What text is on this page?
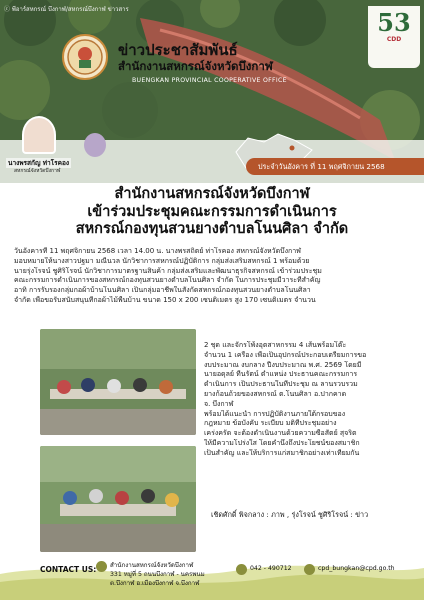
ⓒ พีอาร์สหกรณ์ บึงกาฬ/สหกรณ์บึงกาฬ ข่าวสาร	53
CDD
ข่าวประชาสัมพันธ์
สำนักงานสหกรณ์จังหวัดบึงกาฬ
BUENGKAN PROVINCIAL COOPERATIVE OFFICE
นางพรสกัญ ท่าโรคอง
สหกรณ์จังหวัดบึงกาฬ	ประจำวันอังคาร ที่ 11 พฤศจิกายน 2568
สำนักงานสหกรณ์จังหวัดบึงกาฬ
เข้าร่วมประชุมคณะกรรมการดำเนินการ
สหกรณ์กองทุนสวนยางตำบลโนนศิลา จำกัด
วันอังคารที่ 11 พฤศจิกายน 2568 เวลา 14.00 น. นางพรสถิตย์ ท่าโรคอง สหกรณ์จังหวัดบึงกาฬ
มอบหมายให้นางสาวปฐมา มณีนวล นักวิชาการสหกรณ์ปฏิบัติการ กลุ่มส่งเสริมสหกรณ์ 1 พร้อมด้วย
นายรุ่งโรจน์ ชูศิริโรจน์ นักวิชาการมาตรฐานสินค้า กลุ่มส่งเสริมและพัฒนาธุรกิจสหกรณ์ เข้าร่วมประชุม
คณะกรรมการดำเนินการของสหกรณ์กองทุนสวนยางตำบลโนนศิลา จำกัด ในการประชุมมีวาระที่สำคัญ
อาทิ การรับรองกลุ่มกอผ้าบ้านโนนศิลา เป็นกลุ่มอาชีพในสังกัดสหกรณ์กองทุนสวนยางตำบลโนนศิลา
จำกัด เพื่อขอรับสนับสนุนที่กอผ้าไม้พื้นบ้าน ขนาด 150 x 200 เซนติเมตร สูง 170 เซนติเมตร จำนวน
2 ชุด และจักรโพ้งอุตสาหกรรม 4 เส้นพร้อมโต๊ะ
จำนวน 1 เครื่อง เพื่อเป็นอุปกรณ์ประกอบเตรียมการขอ
งบประมาณ งบกลาง ปีงบประมาณ พ.ศ. 2569 โดยมี
นายอดุลย์ ทีนรัตน์ ตำแหน่ง ประธานคณะกรรมการ
ดำเนินการ เป็นประธานในที่ประชุม ณ ลานรวบรวม
ยางก้อนถ้วยของสหกรณ์ ต.โนนศิลา อ.ปากคาด
จ. บึงกาฬ
พร้อมได้แนะนำ การปฏิบัติงานภายใต้กรอบของ
กฎหมาย ข้อบังคับ ระเบียบ มติที่ประชุมอย่าง
เคร่งครัด จะต้องดำเนินงานด้วยความซื่อสัตย์ สุจริต
ให้มีความโปร่งใส โดยคำนึงถึงประโยชน์ของสมาชิก
เป็นสำคัญ และให้บริการแก่สมาชิกอย่างเท่าเทียมกัน
เชิดศักดิ์ พิจกลาง : ภาพ , รุ่งโรจน์ ชูศิริโรจน์ : ข่าว
CONTACT US: สำนักงานสหกรณ์จังหวัดบึงกาฬ
331 หมู่ที่ 5 ถนนบึงกาฬ - นครพนม
ต.บึงกาฬ อ.เมืองบึงกาฬ จ.บึงกาฬ
042 - 490712	cpd_bungkan@cpd.go.th
